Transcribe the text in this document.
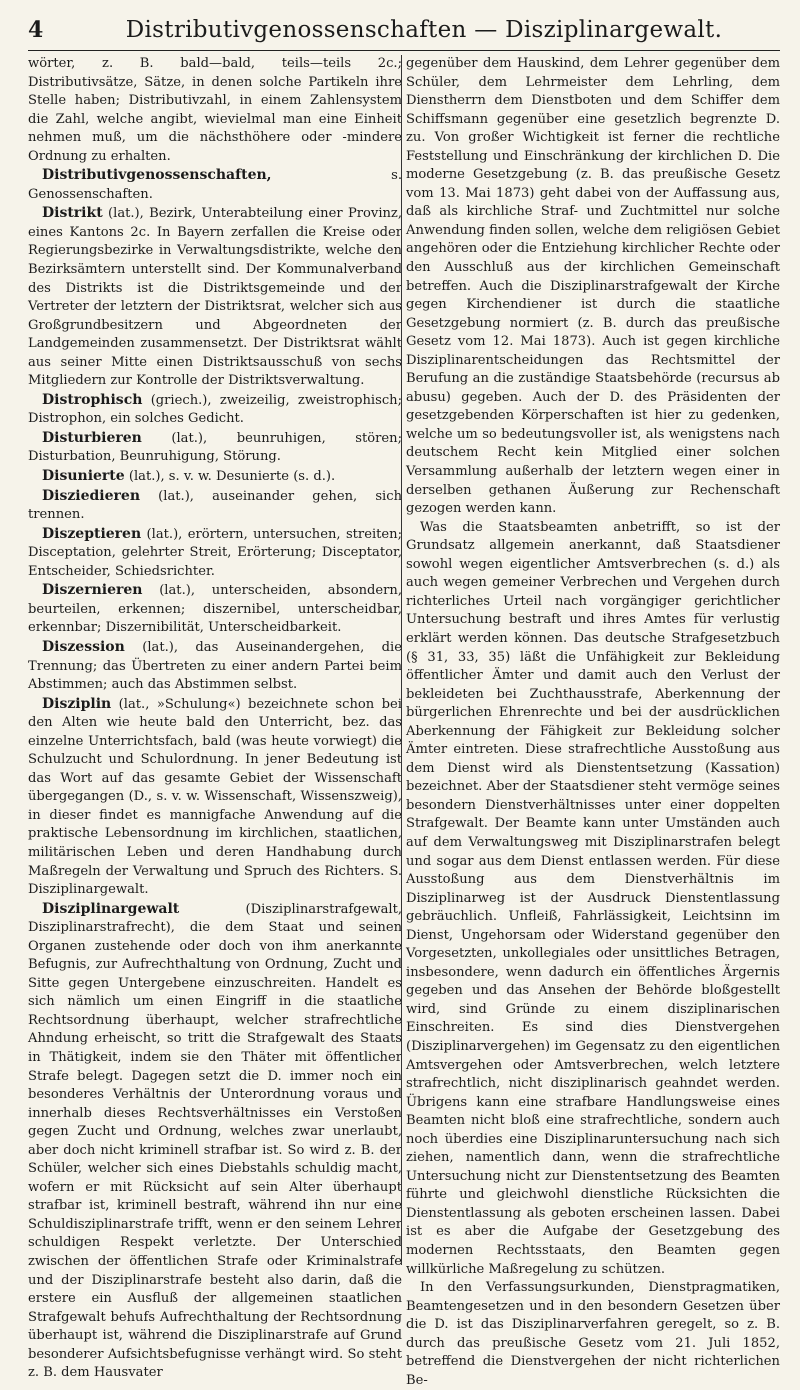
4	Distributivgenossenschaften — Disziplinargewalt.

wörter, z. B. bald—bald, teils—teils 2c.; Distributivsätze, Sätze, in denen solche Partikeln ihre Stelle haben; Distributivzahl, in einem Zahlensystem die Zahl, welche angibt, wievielmal man eine Einheit nehmen muß, um die nächsthöhere oder -mindere Ordnung zu erhalten.

Distributivgenossenschaften, s. Genossenschaften.

Distrikt (lat.), Bezirk, Unterabteilung einer Provinz, eines Kantons 2c. In Bayern zerfallen die Kreise oder Regierungsbezirke in Verwaltungsdistrikte, welche den Bezirksämtern unterstellt sind. Der Kommunalverband des Distrikts ist die Distriktsgemeinde und der Vertreter der letztern der Distriktsrat, welcher sich aus Großgrundbesitzern und Abgeordneten der Landgemeinden zusammensetzt. Der Distriktsrat wählt aus seiner Mitte einen Distriktsausschuß von sechs Mitgliedern zur Kontrolle der Distriktsverwaltung.

Distrophisch (griech.), zweizeilig, zweistrophisch; Distrophon, ein solches Gedicht.

Disturbieren (lat.), beunruhigen, stören; Disturbation, Beunruhigung, Störung.

Disunierte (lat.), s. v. w. Desunierte (s. d.).

Disziedieren (lat.), auseinander gehen, sich trennen.

Diszeptieren (lat.), erörtern, untersuchen, streiten; Disceptation, gelehrter Streit, Erörterung; Disceptator, Entscheider, Schiedsrichter.

Diszernieren (lat.), unterscheiden, absondern, beurteilen, erkennen; diszernibel, unterscheidbar, erkennbar; Diszernibilität, Unterscheidbarkeit.

Diszession (lat.), das Auseinandergehen, die Trennung; das Übertreten zu einer andern Partei beim Abstimmen; auch das Abstimmen selbst.

Disziplin (lat., »Schulung«) bezeichnete schon bei den Alten wie heute bald den Unterricht, bez. das einzelne Unterrichtsfach, bald (was heute vorwiegt) die Schulzucht und Schulordnung. In jener Bedeutung ist das Wort auf das gesamte Gebiet der Wissenschaft übergegangen (D., s. v. w. Wissenschaft, Wissenszweig), in dieser findet es mannigfache Anwendung auf die praktische Lebensordnung im kirchlichen, staatlichen, militärischen Leben und deren Handhabung durch Maßregeln der Verwaltung und Spruch des Richters. S. Disziplinargewalt.

Disziplinargewalt (Disziplinarstrafgewalt, Disziplinarstrafrecht), die dem Staat und seinen Organen zustehende oder doch von ihm anerkannte Befugnis, zur Aufrechthaltung von Ordnung, Zucht und Sitte gegen Untergebene einzuschreiten. Handelt es sich nämlich um einen Eingriff in die staatliche Rechtsordnung überhaupt, welcher strafrechtliche Ahndung erheischt, so tritt die Strafgewalt des Staats in Thätigkeit, indem sie den Thäter mit öffentlicher Strafe belegt. Dagegen setzt die D. immer noch ein besonderes Verhältnis der Unterordnung voraus und innerhalb dieses Rechtsverhältnisses ein Verstoßen gegen Zucht und Ordnung, welches zwar unerlaubt, aber doch nicht kriminell strafbar ist. So wird z. B. der Schüler, welcher sich eines Diebstahls schuldig macht, wofern er mit Rücksicht auf sein Alter überhaupt strafbar ist, kriminell bestraft, während ihn nur eine Schuldisziplinarstrafe trifft, wenn er den seinem Lehrer schuldigen Respekt verletzte. Der Unterschied zwischen der öffentlichen Strafe oder Kriminalstrafe und der Disziplinarstrafe besteht also darin, daß die erstere ein Ausfluß der allgemeinen staatlichen Strafgewalt behufs Aufrechthaltung der Rechtsordnung überhaupt ist, während die Disziplinarstrafe auf Grund besonderer Aufsichtsbefugnisse verhängt wird. So steht z. B. dem Hausvater

gegenüber dem Hauskind, dem Lehrer gegenüber dem Schüler, dem Lehrmeister dem Lehrling, dem Dienstherrn dem Dienstboten und dem Schiffer dem Schiffsmann gegenüber eine gesetzlich begrenzte D. zu. Von großer Wichtigkeit ist ferner die rechtliche Feststellung und Einschränkung der kirchlichen D. Die moderne Gesetzgebung (z. B. das preußische Gesetz vom 13. Mai 1873) geht dabei von der Auffassung aus, daß als kirchliche Straf- und Zuchtmittel nur solche Anwendung finden sollen, welche dem religiösen Gebiet angehören oder die Entziehung kirchlicher Rechte oder den Ausschluß aus der kirchlichen Gemeinschaft betreffen. Auch die Disziplinarstrafgewalt der Kirche gegen Kirchendiener ist durch die staatliche Gesetzgebung normiert (z. B. durch das preußische Gesetz vom 12. Mai 1873). Auch ist gegen kirchliche Disziplinarentscheidungen das Rechtsmittel der Berufung an die zuständige Staatsbehörde (recursus ab abusu) gegeben. Auch der D. des Präsidenten der gesetzgebenden Körperschaften ist hier zu gedenken, welche um so bedeutungsvoller ist, als wenigstens nach deutschem Recht kein Mitglied einer solchen Versammlung außerhalb der letztern wegen einer in derselben gethanen Äußerung zur Rechenschaft gezogen werden kann.

Was die Staatsbeamten anbetrifft, so ist der Grundsatz allgemein anerkannt, daß Staatsdiener sowohl wegen eigentlicher Amtsverbrechen (s. d.) als auch wegen gemeiner Verbrechen und Vergehen durch richterliches Urteil nach vorgängiger gerichtlicher Untersuchung bestraft und ihres Amtes für verlustig erklärt werden können. Das deutsche Strafgesetzbuch (§ 31, 33, 35) läßt die Unfähigkeit zur Bekleidung öffentlicher Ämter und damit auch den Verlust der bekleideten bei Zuchthausstrafe, Aberkennung der bürgerlichen Ehrenrechte und bei der ausdrücklichen Aberkennung der Fähigkeit zur Bekleidung solcher Ämter eintreten. Diese strafrechtliche Ausstoßung aus dem Dienst wird als Dienstentsetzung (Kassation) bezeichnet. Aber der Staatsdiener steht vermöge seines besondern Dienstverhältnisses unter einer doppelten Strafgewalt. Der Beamte kann unter Umständen auch auf dem Verwaltungsweg mit Disziplinarstrafen belegt und sogar aus dem Dienst entlassen werden. Für diese Ausstoßung aus dem Dienstverhältnis im Disziplinarweg ist der Ausdruck Dienstentlassung gebräuchlich. Unfleiß, Fahrlässigkeit, Leichtsinn im Dienst, Ungehorsam oder Widerstand gegenüber den Vorgesetzten, unkollegiales oder unsittliches Betragen, insbesondere, wenn dadurch ein öffentliches Ärgernis gegeben und das Ansehen der Behörde bloßgestellt wird, sind Gründe zu einem disziplinarischen Einschreiten. Es sind dies Dienstvergehen (Disziplinarvergehen) im Gegensatz zu den eigentlichen Amtsvergehen oder Amtsverbrechen, welch letztere strafrechtlich, nicht disziplinarisch geahndet werden. Übrigens kann eine strafbare Handlungsweise eines Beamten nicht bloß eine strafrechtliche, sondern auch noch überdies eine Disziplinaruntersuchung nach sich ziehen, namentlich dann, wenn die strafrechtliche Untersuchung nicht zur Dienstentsetzung des Beamten führte und gleichwohl dienstliche Rücksichten die Dienstentlassung als geboten erscheinen lassen. Dabei ist es aber die Aufgabe der Gesetzgebung des modernen Rechtsstaats, den Beamten gegen willkürliche Maßregelung zu schützen.

In den Verfassungsurkunden, Dienstpragmatiken, Beamtengesetzen und in den besondern Gesetzen über die D. ist das Disziplinarverfahren geregelt, so z. B. durch das preußische Gesetz vom 21. Juli 1852, betreffend die Dienstvergehen der nicht richterlichen Be-
